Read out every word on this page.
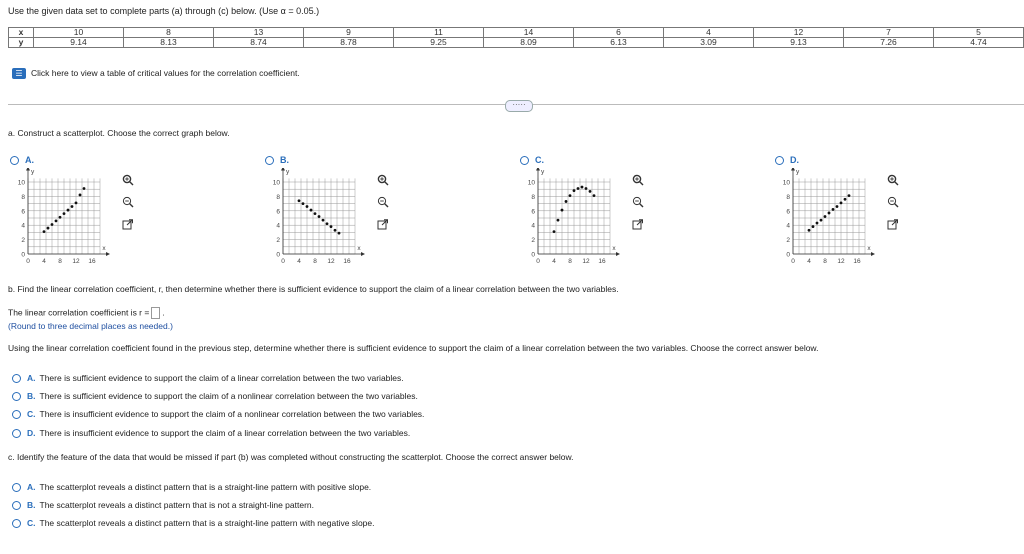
Use the given data set to complete parts (a) through (c) below. (Use α = 0.05.)
x	10	8	13	9	11	14	6	4	12	7	5
y	9.14	8.13	8.74	8.78	9.25	8.09	6.13	3.09	9.13	7.26	4.74
☰ Click here to view a table of critical values for the correlation coefficient.
·····
a. Construct a scatterplot. Choose the correct graph below.
A.
10
8
6
4
2
0
0 4 8 12 16
y
x
B.
10
8
6
4
2
0
0 4 8 12 16
y
x
C.
10
8
6
4
2
0
0 4 8 12 16
y
x
D.
10
8
6
4
2
0
0 4 8 12 16
y
x
b. Find the linear correlation coefficient, r, then determine whether there is sufficient evidence to support the claim of a linear correlation between the two variables.
The linear correlation coefficient is r = .
(Round to three decimal places as needed.)
Using the linear correlation coefficient found in the previous step, determine whether there is sufficient evidence to support the claim of a linear correlation between the two variables. Choose the correct answer below.
A. There is sufficient evidence to support the claim of a linear correlation between the two variables.
B. There is sufficient evidence to support the claim of a nonlinear correlation between the two variables.
C. There is insufficient evidence to support the claim of a nonlinear correlation between the two variables.
D. There is insufficient evidence to support the claim of a linear correlation between the two variables.
c. Identify the feature of the data that would be missed if part (b) was completed without constructing the scatterplot. Choose the correct answer below.
A. The scatterplot reveals a distinct pattern that is a straight-line pattern with positive slope.
B. The scatterplot reveals a distinct pattern that is not a straight-line pattern.
C. The scatterplot reveals a distinct pattern that is a straight-line pattern with negative slope.
